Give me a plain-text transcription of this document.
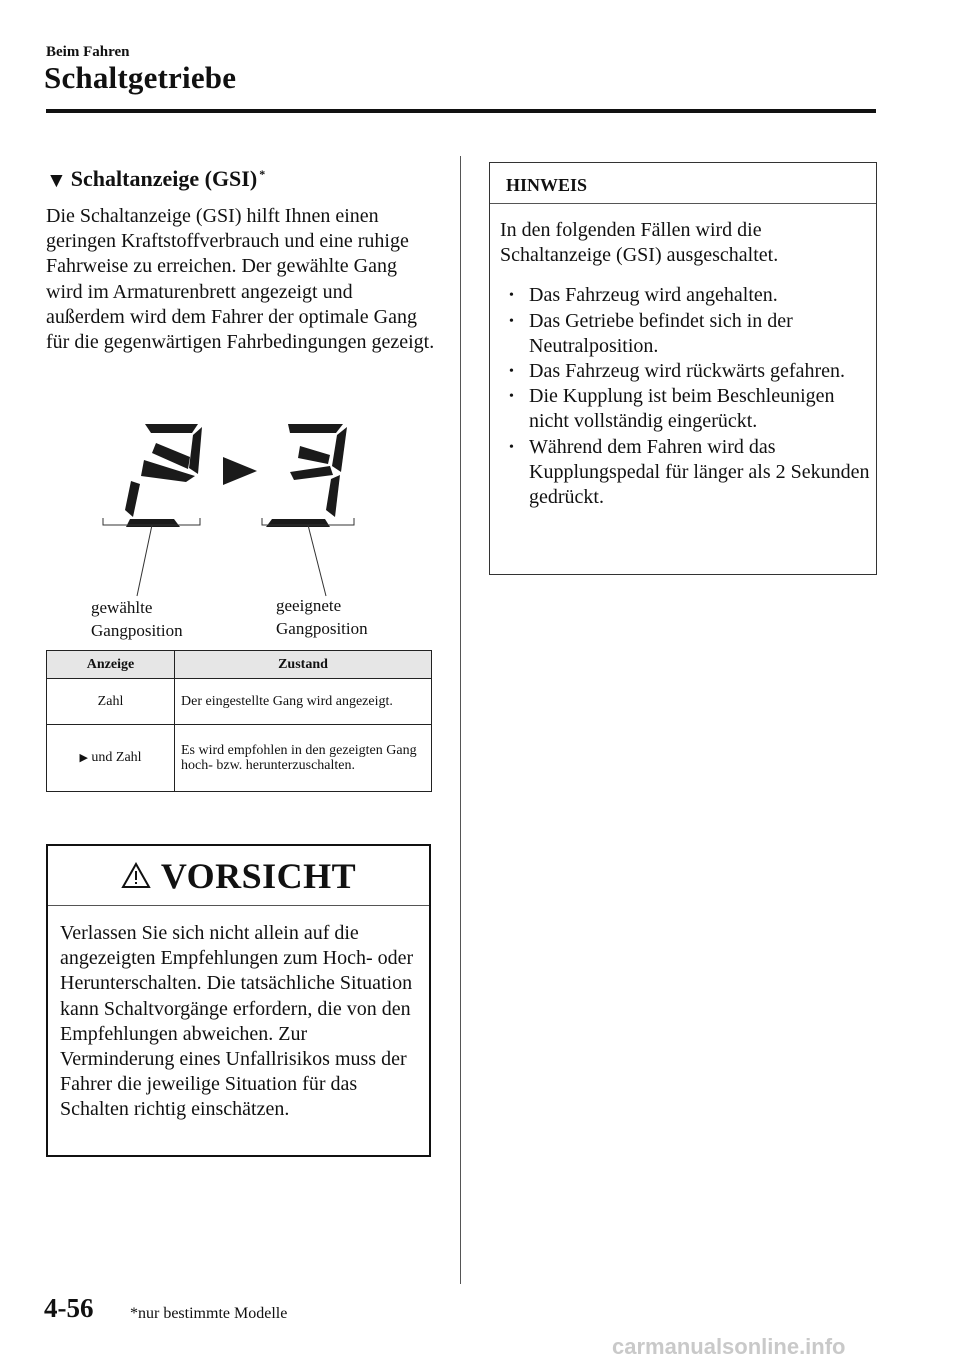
Beim Fahren
Schaltgetriebe
▼ Schaltanzeige (GSI) *
Die Schaltanzeige (GSI) hilft Ihnen einen geringen Kraftstoffverbrauch und eine ruhige Fahrweise zu erreichen. Der gewählte Gang wird im Armaturenbrett angezeigt und außerdem wird dem Fahrer der optimale Gang für die gegenwärtigen Fahrbedingungen gezeigt.
gewählte
Gangposition
geeignete
Gangposition
Anzeige	Zustand
Zahl	Der eingestellte Gang wird angezeigt.
▶ und Zahl	Es wird empfohlen in den gezeigten Gang hoch- bzw. herunterzuschalten.
VORSICHT
Verlassen Sie sich nicht allein auf die angezeigten Empfehlungen zum Hoch- oder Herunterschalten. Die tatsächliche Situation kann Schaltvorgänge erfordern, die von den Empfehlungen abweichen. Zur Verminderung eines Unfallrisikos muss der Fahrer die jeweilige Situation für das Schalten richtig einschätzen.
HINWEIS
In den folgenden Fällen wird die Schaltanzeige (GSI) ausgeschaltet.
• Das Fahrzeug wird angehalten.
• Das Getriebe befindet sich in der Neutralposition.
• Das Fahrzeug wird rückwärts gefahren.
• Die Kupplung ist beim Beschleunigen nicht vollständig eingerückt.
• Während dem Fahren wird das Kupplungspedal für länger als 2 Sekunden gedrückt.
4-56 *nur bestimmte Modelle
carmanualsonline.info
